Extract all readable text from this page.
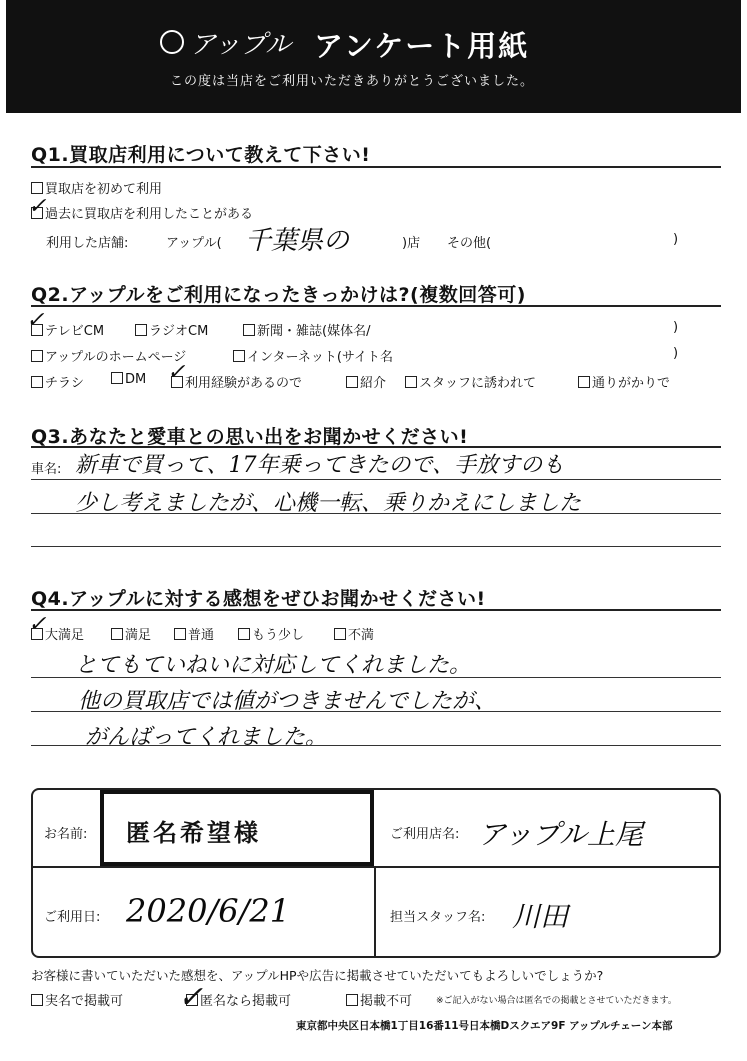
アップル アンケート用紙
この度は当店をご利用いただきありがとうございました。
Q1.買取店利用について教えて下さい!
買取店を初めて利用
過去に買取店を利用したことがある
✓
利用した店舗:	アップル( 千葉県の	)店 その他(	)
Q2.アップルをご利用になったきっかけは?(複数回答可)
✓ テレビCM	ラジオCM	新聞・雑誌(媒体名/	)
アップルのホームページ	インターネット(サイト名	)
チラシ	DM	利用経験があるので
✓	紹介	スタッフに誘われて	通りがかりで
Q3.あなたと愛車との思い出をお聞かせください!
車名: 新車で買って、17年乗ってきたので、手放すのも
少し考えましたが、心機一転、乗りかえにしました
Q4.アップルに対する感想をぜひお聞かせください!
✓
大満足	満足	普通	もう少し	不満
とてもていねいに対応してくれました。
他の買取店では値がつきませんでしたが、
がんばってくれました。
お名前: 匿名希望様	ご利用店名: アップル上尾
ご利用日: 2020/6/21	担当スタッフ名: 川田
お客様に書いていただいた感想を、アップルHPや広告に掲載させていただいてもよろしいでしょうか?
実名で掲載可	匿名なら掲載可
✓	掲載不可	※ご記入がない場合は匿名での掲載とさせていただきます。
東京都中央区日本橋1丁目16番11号日本橋Dスクエア9F アップルチェーン本部
